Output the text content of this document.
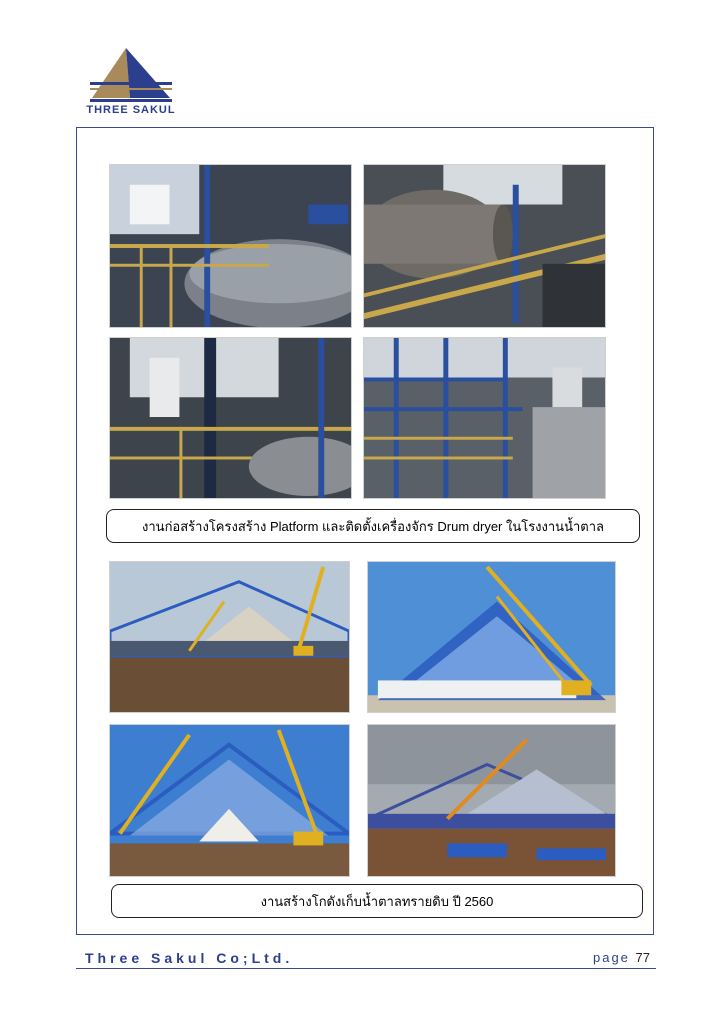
THREE SAKUL
งานก่อสร้างโครงสร้าง Platform และติดตั้งเครื่องจักร Drum dryer ในโรงงานน้ำตาล
งานสร้างโกดังเก็บน้ำตาลทรายดิบ ปี 2560
Three Sakul Co;Ltd.	page 77
